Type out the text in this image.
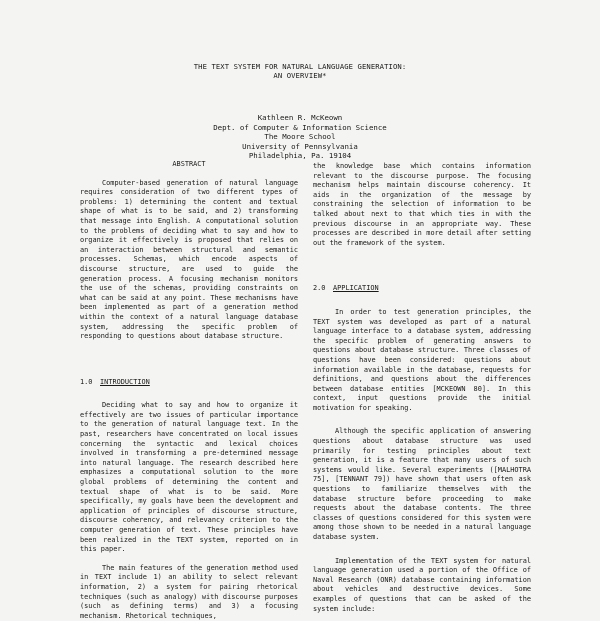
THE TEXT SYSTEM FOR NATURAL LANGUAGE GENERATION:
AN OVERVIEW*
Kathleen R. McKeown
Dept. of Computer & Information Science
The Moore School
University of Pennsylvania
Philadelphia, Pa. 19104
ABSTRACT

Computer-based generation of natural language requires consideration of two different types of problems: 1) determining the content and textual shape of what is to be said, and 2) transforming that message into English. A computational solution to the problems of deciding what to say and how to organize it effectively is proposed that relies on an interaction between structural and semantic processes. Schemas, which encode aspects of discourse structure, are used to guide the generation process. A focusing mechanism monitors the use of the schemas, providing constraints on what can be said at any point. These mechanisms have been implemented as part of a generation method within the context of a natural language database system, addressing the specific problem of responding to questions about database structure.

1.0 INTRODUCTION

Deciding what to say and how to organize it effectively are two issues of particular importance to the generation of natural language text. In the past, researchers have concentrated on local issues concerning the syntactic and lexical choices involved in transforming a pre-determined message into natural language. The research described here emphasizes a computational solution to the more global problems of determining the content and textual shape of what is to be said. More specifically, my goals have been the development and application of principles of discourse structure, discourse coherency, and relevancy criterion to the computer generation of text. These principles have been realized in the TEXT system, reported on in this paper.

The main features of the generation method used in TEXT include 1) an ability to select relevant information, 2) a system for pairing rhetorical techniques (such as analogy) with discourse purposes (such as defining terms) and 3) a focusing mechanism. Rhetorical techniques,

the knowledge base which contains information relevant to the discourse purpose. The focusing mechanism helps maintain discourse coherency. It aids in the organization of the message by constraining the selection of information to be talked about next to that which ties in with the previous discourse in an appropriate way. These processes are described in more detail after setting out the framework of the system.

2.0 APPLICATION

In order to test generation principles, the TEXT system was developed as part of a natural language interface to a database system, addressing the specific problem of generating answers to questions about database structure. Three classes of questions have been considered: questions about information available in the database, requests for definitions, and questions about the differences between database entities [MCKEOWN 80]. In this context, input questions provide the initial motivation for speaking.

Although the specific application of answering questions about database structure was used primarily for testing principles about text generation, it is a feature that many users of such systems would like. Several experiments ([MALHOTRA 75], [TENNANT 79]) have shown that users often ask questions to familiarize themselves with the database structure before proceeding to make requests about the database contents. The three classes of questions considered for this system were among those shown to be needed in a natural language database system.

Implementation of the TEXT system for natural language generation used a portion of the Office of Naval Research (ONR) database containing information about vehicles and destructive devices. Some examples of questions that can be asked of the system include:
